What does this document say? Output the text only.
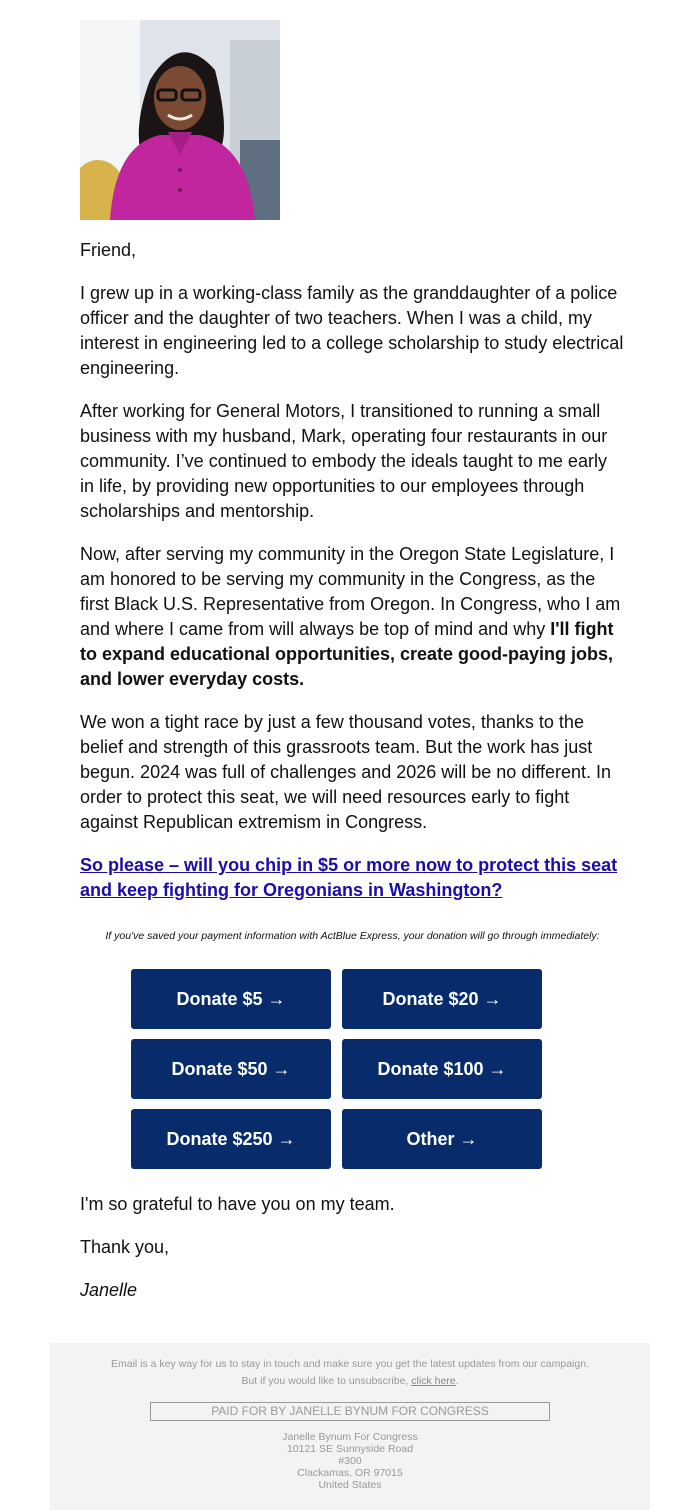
Friend,

I grew up in a working-class family as the granddaughter of a police officer and the daughter of two teachers. When I was a child, my interest in engineering led to a college scholarship to study electrical engineering.

After working for General Motors, I transitioned to running a small business with my husband, Mark, operating four restaurants in our community. I’ve continued to embody the ideals taught to me early in life, by providing new opportunities to our employees through scholarships and mentorship.

Now, after serving my community in the Oregon State Legislature, I am honored to be serving my community in the Congress, as the first Black U.S. Representative from Oregon. In Congress, who I am and where I came from will always be top of mind and why I'll fight to expand educational opportunities, create good-paying jobs, and lower everyday costs.

We won a tight race by just a few thousand votes, thanks to the belief and strength of this grassroots team. But the work has just begun. 2024 was full of challenges and 2026 will be no different. In order to protect this seat, we will need resources early to fight against Republican extremism in Congress.

So please – will you chip in $5 or more now to protect this seat and keep fighting for Oregonians in Washington?
If you've saved your payment information with ActBlue Express, your donation will go through immediately:
Donate $5 →	Donate $20 →
Donate $50 →	Donate $100 →
Donate $250 →	Other →

I'm so grateful to have you on my team.

Thank you,

Janelle

Email is a key way for us to stay in touch and make sure you get the latest updates from our campaign.
But if you would like to unsubscribe, click here.
PAID FOR BY JANELLE BYNUM FOR CONGRESS
Janelle Bynum For Congress
10121 SE Sunnyside Road
#300
Clackamas, OR 97015
United States
